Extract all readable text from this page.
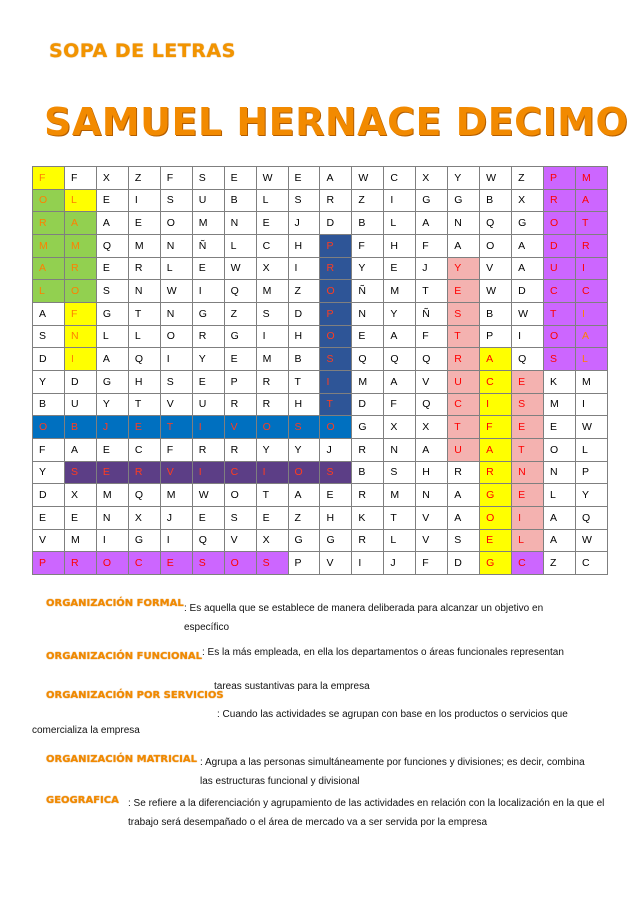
SOPA DE LETRAS
SAMUEL HERNACE DECIMO
F	F	X	Z	F	S	E	W	E	A	W	C	X	Y	W	Z	P	M
O	L	E	I	S	U	B	L	S	R	Z	I	G	G	B	X	R	A
R	A	A	E	O	M	N	E	J	D	B	L	A	N	Q	G	O	T
M	M	Q	M	N	Ñ	L	C	H	P	F	H	F	A	O	A	D	R
A	R	E	R	L	E	W	X	I	R	Y	E	J	Y	V	A	U	I
L	O	S	N	W	I	Q	M	Z	O	Ñ	M	T	E	W	D	C	C
A	F	G	T	N	G	Z	S	D	P	N	Y	Ñ	S	B	W	T	I
S	N	L	L	O	R	G	I	H	O	E	A	F	T	P	I	O	A
D	I	A	Q	I	Y	E	M	B	S	Q	Q	Q	R	A	Q	S	L
Y	D	G	H	S	E	P	R	T	I	M	A	V	U	C	E	K	M
B	U	Y	T	V	U	R	R	H	T	D	F	Q	C	I	S	M	I
O	B	J	E	T	I	V	O	S	O	G	X	X	T	F	E	E	W
F	A	E	C	F	R	R	Y	Y	J	R	N	A	U	A	T	O	L
Y	S	E	R	V	I	C	I	O	S	B	S	H	R	R	N	N	P
D	X	M	Q	M	W	O	T	A	E	R	M	N	A	G	E	L	Y
E	E	N	X	J	E	S	E	Z	H	K	T	V	A	O	I	A	Q
V	M	I	G	I	Q	V	X	G	G	R	L	V	S	E	L	A	W
P	R	O	C	E	S	O	S	P	V	I	J	F	D	G	C	Z	C
ORGANIZACIÓN FORMAL : Es aquella que se establece de manera deliberada para alcanzar un objetivo en específico
ORGANIZACIÓN FUNCIONAL : Es la más empleada, en ella los departamentos o áreas funcionales representan
tareas sustantivas para la empresa
ORGANIZACIÓN POR SERVICIOS
: Cuando las actividades se agrupan con base en los productos o servicios que
comercializa la empresa
ORGANIZACIÓN MATRICIAL : Agrupa a las personas simultáneamente por funciones y divisiones; es decir, combina las estructuras funcional y divisional
GEOGRAFICA : Se refiere a la diferenciación y agrupamiento de las actividades en relación con la localización en la que el trabajo será desempañado o el área de mercado va a ser servida por la empresa
